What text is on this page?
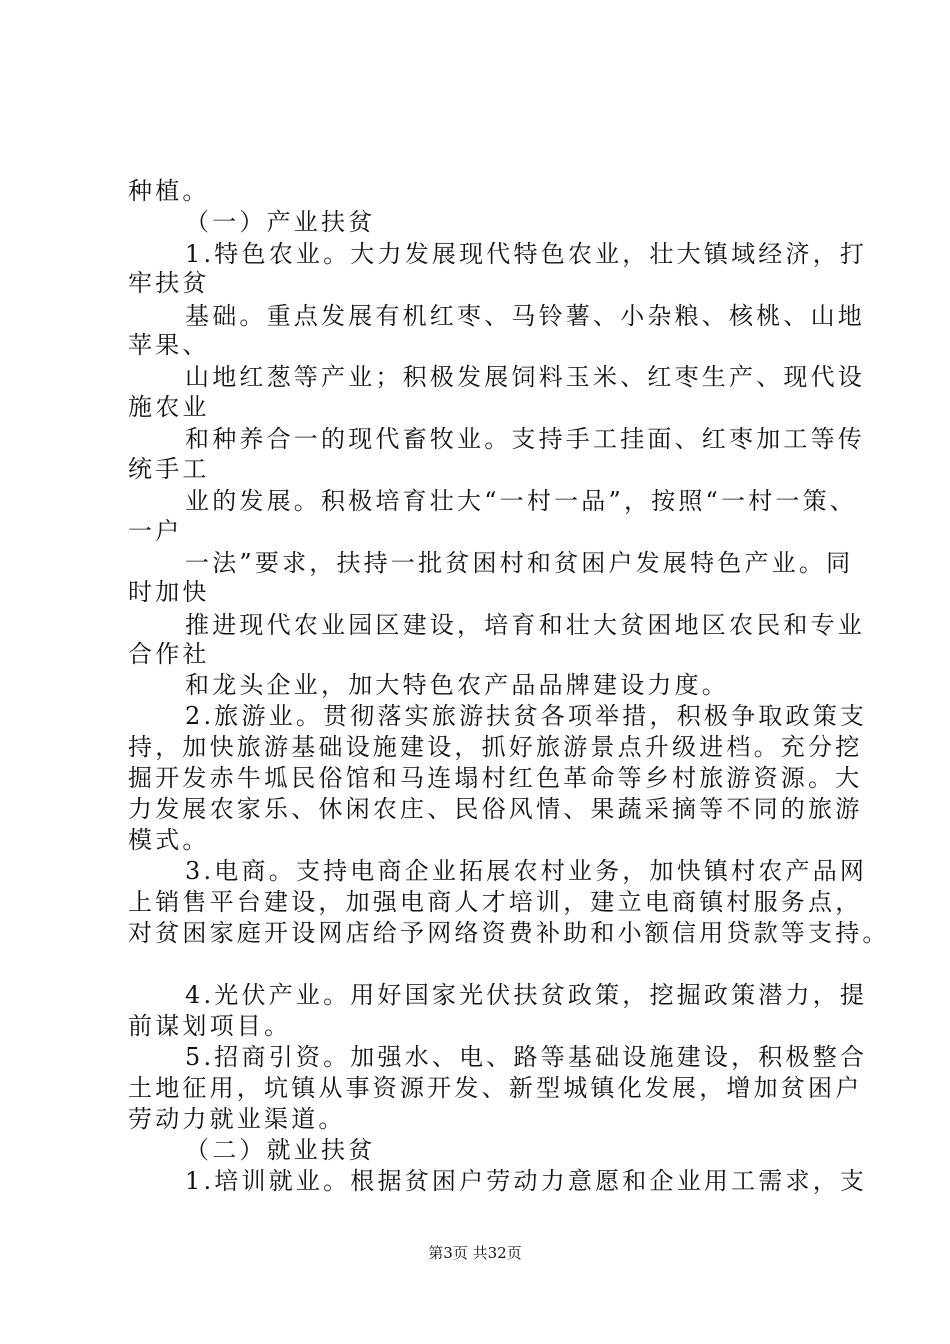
种植。
（一）产业扶贫
1.特色农业。大力发展现代特色农业，壮大镇域经济，打
牢扶贫
基础。重点发展有机红枣、马铃薯、小杂粮、核桃、山地
苹果、
山地红葱等产业；积极发展饲料玉米、红枣生产、现代设
施农业
和种养合一的现代畜牧业。支持手工挂面、红枣加工等传
统手工
业的发展。积极培育壮大“一村一品”，按照“一村一策、
一户
一法”要求，扶持一批贫困村和贫困户发展特色产业。同
时加快
推进现代农业园区建设，培育和壮大贫困地区农民和专业
合作社
和龙头企业，加大特色农产品品牌建设力度。
2.旅游业。贯彻落实旅游扶贫各项举措，积极争取政策支
持，加快旅游基础设施建设，抓好旅游景点升级进档。充分挖
掘开发赤牛坬民俗馆和马连塌村红色革命等乡村旅游资源。大
力发展农家乐、休闲农庄、民俗风情、果蔬采摘等不同的旅游
模式。
3.电商。支持电商企业拓展农村业务，加快镇村农产品网
上销售平台建设，加强电商人才培训，建立电商镇村服务点，
对贫困家庭开设网店给予网络资费补助和小额信用贷款等支持。
4.光伏产业。用好国家光伏扶贫政策，挖掘政策潜力，提
前谋划项目。
5.招商引资。加强水、电、路等基础设施建设，积极整合
土地征用，坑镇从事资源开发、新型城镇化发展，增加贫困户
劳动力就业渠道。
（二）就业扶贫
1.培训就业。根据贫困户劳动力意愿和企业用工需求，支
第3页 共32页
